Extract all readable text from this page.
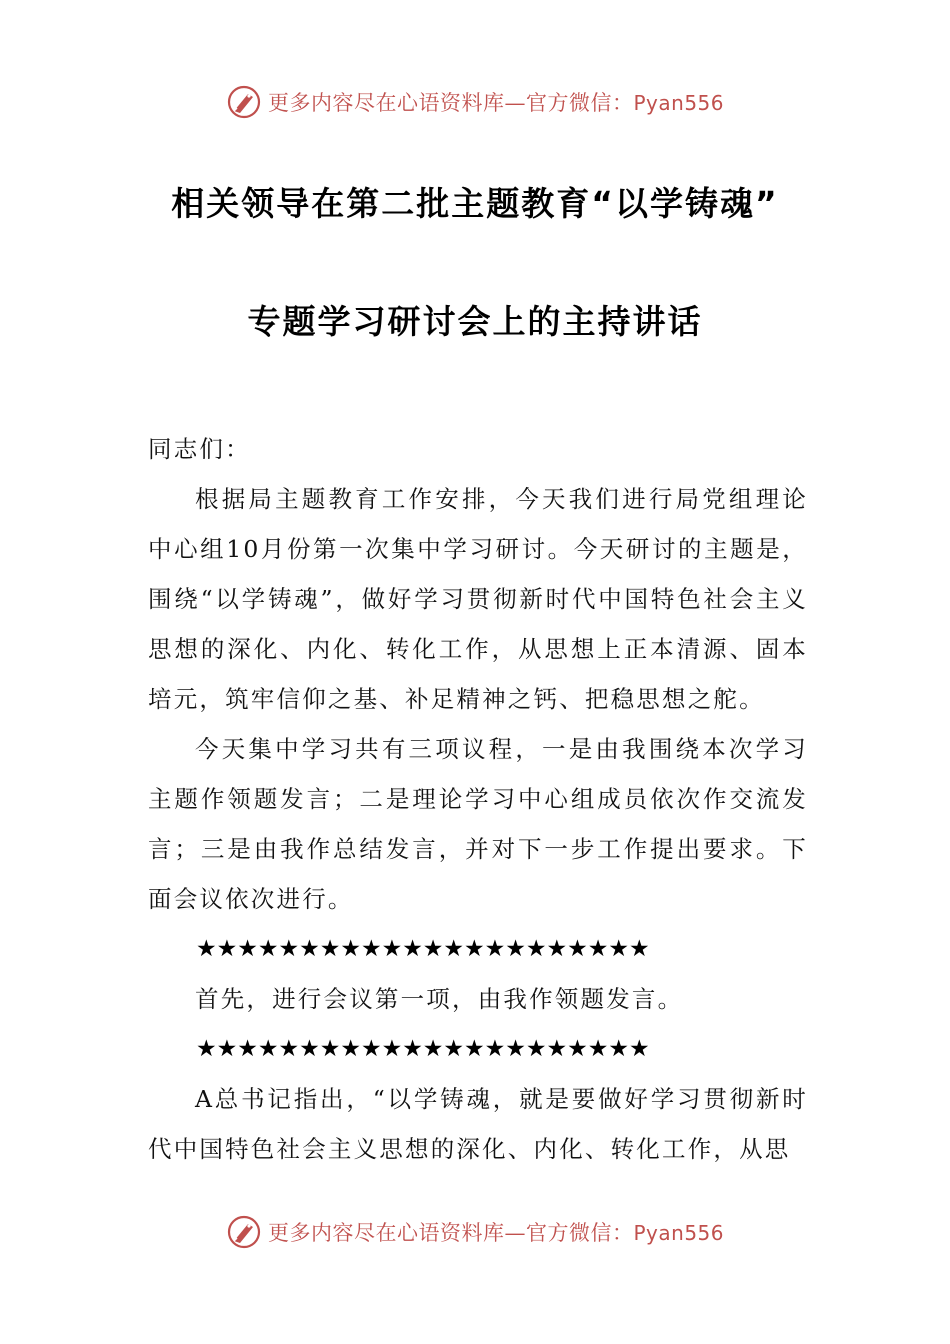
更多内容尽在心语资料库—官方微信：Pyan556
相关领导在第二批主题教育“以学铸魂”
专题学习研讨会上的主持讲话
同志们：
根据局主题教育工作安排，今天我们进行局党组理论中心组10月份第一次集中学习研讨。今天研讨的主题是，围绕“以学铸魂”，做好学习贯彻新时代中国特色社会主义思想的深化、内化、转化工作，从思想上正本清源、固本培元，筑牢信仰之基、补足精神之钙、把稳思想之舵。
今天集中学习共有三项议程，一是由我围绕本次学习主题作领题发言；二是理论学习中心组成员依次作交流发言；三是由我作总结发言，并对下一步工作提出要求。下面会议依次进行。
★★★★★★★★★★★★★★★★★★★★★★
首先，进行会议第一项，由我作领题发言。
★★★★★★★★★★★★★★★★★★★★★★
A总书记指出，“以学铸魂，就是要做好学习贯彻新时代中国特色社会主义思想的深化、内化、转化工作，从思
更多内容尽在心语资料库—官方微信：Pyan556
